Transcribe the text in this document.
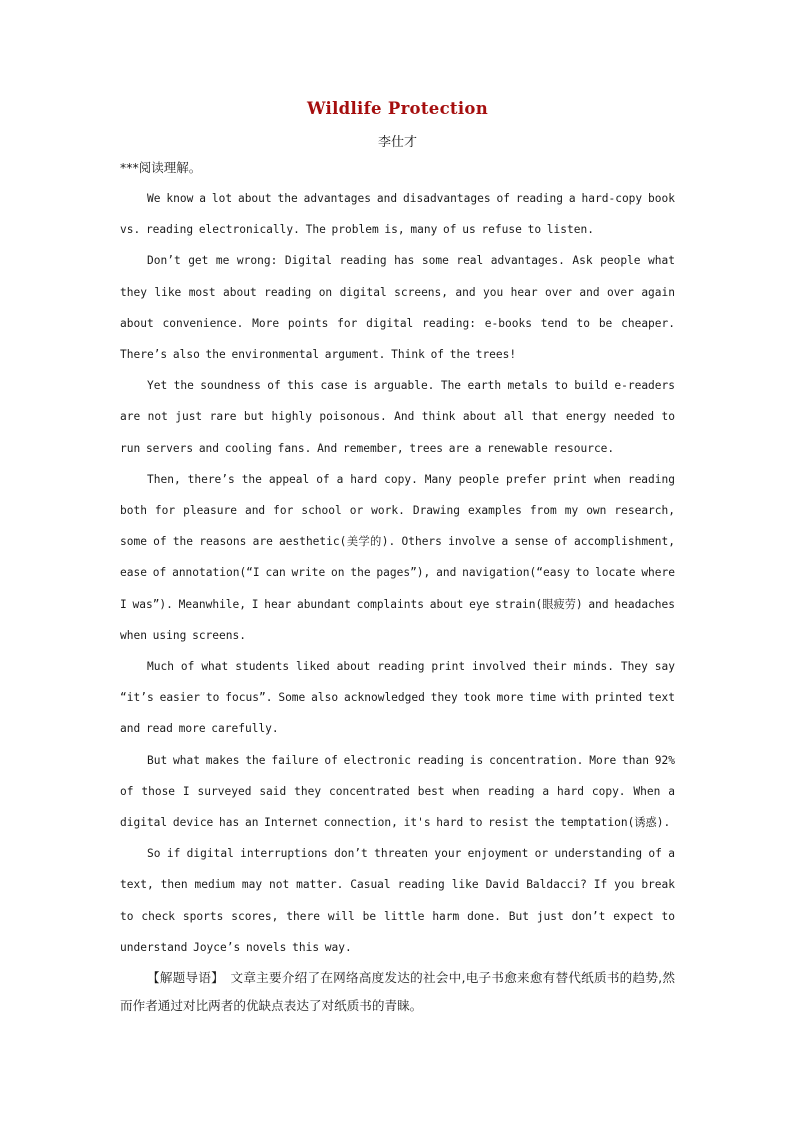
Wildlife Protection
李仕才
***阅读理解。

We know a lot about the advantages and disadvantages of reading a hard-copy book vs. reading electronically. The problem is, many of us refuse to listen.

Don’t get me wrong: Digital reading has some real advantages. Ask people what they like most about reading on digital screens, and you hear over and over again about convenience. More points for digital reading: e-books tend to be cheaper. There’s also the environmental argument. Think of the trees!

Yet the soundness of this case is arguable. The earth metals to build e-readers are not just rare but highly poisonous. And think about all that energy needed to run servers and cooling fans. And remember, trees are a renewable resource.

Then, there’s the appeal of a hard copy. Many people prefer print when reading both for pleasure and for school or work. Drawing examples from my own research, some of the reasons are aesthetic(美学的). Others involve a sense of accomplishment, ease of annotation(“I can write on the pages”), and navigation(“easy to locate where I was”). Meanwhile, I hear abundant complaints about eye strain(眼疲劳) and headaches when using screens.

Much of what students liked about reading print involved their minds. They say “it’s easier to focus”. Some also acknowledged they took more time with printed text and read more carefully.

But what makes the failure of electronic reading is concentration. More than 92% of those I surveyed said they concentrated best when reading a hard copy. When a digital device has an Internet connection, it's hard to resist the temptation(诱惑).

So if digital interruptions don’t threaten your enjoyment or understanding of a text, then medium may not matter. Casual reading like David Baldacci? If you break to check sports scores, there will be little harm done. But just don’t expect to understand Joyce’s novels this way.

【解题导语】　文章主要介绍了在网络高度发达的社会中,电子书愈来愈有替代纸质书的趋势,然而作者通过对比两者的优缺点表达了对纸质书的青睐。
